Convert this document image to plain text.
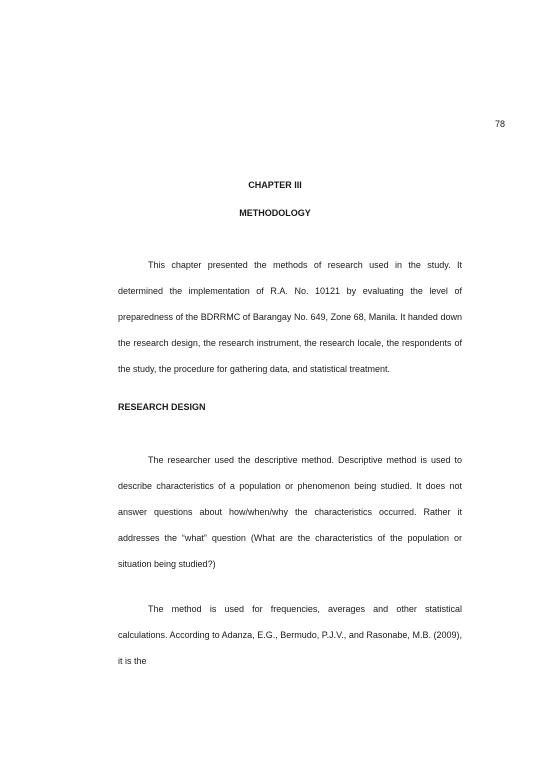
78
CHAPTER III
METHODOLOGY

This chapter presented the methods of research used in the study. It determined the implementation of R.A. No. 10121 by evaluating the level of preparedness of the BDRRMC of Barangay No. 649, Zone 68, Manila. It handed down the research design, the research instrument, the research locale, the respondents of the study, the procedure for gathering data, and statistical treatment.

RESEARCH DESIGN

The researcher used the descriptive method. Descriptive method is used to describe characteristics of a population or phenomenon being studied. It does not answer questions about how/when/why the characteristics occurred. Rather it addresses the “what” question (What are the characteristics of the population or situation being studied?)

The method is used for frequencies, averages and other statistical calculations. According to Adanza, E.G., Bermudo, P.J.V., and Rasonabe, M.B. (2009), it is the
